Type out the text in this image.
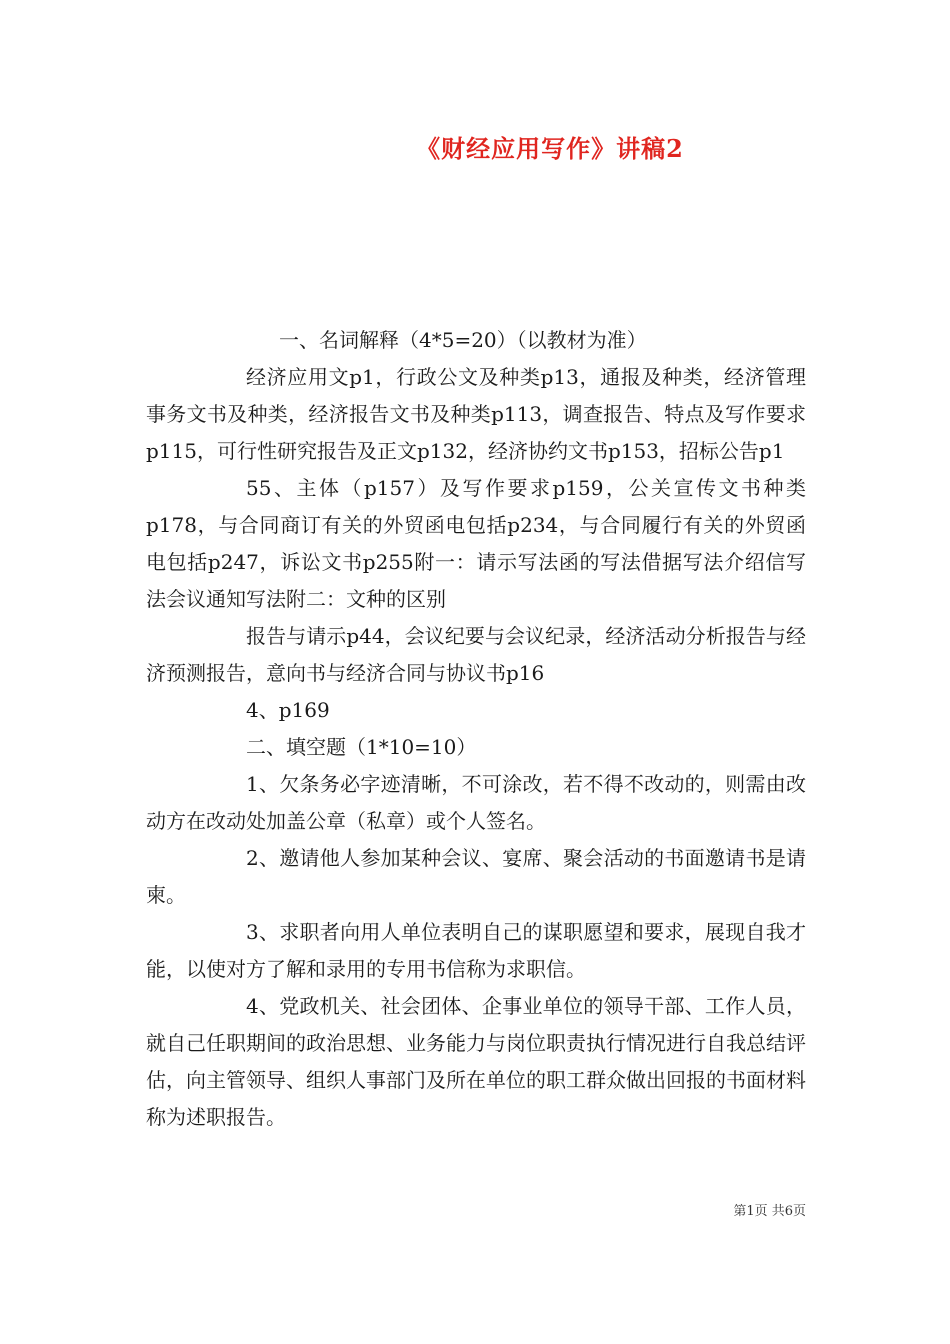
《财经应用写作》讲稿2

一、名词解释（4*5=20）（以教材为准）

经济应用文p1，行政公文及种类p13，通报及种类，经济管理事务文书及种类，经济报告文书及种类p113，调查报告、特点及写作要求p115，可行性研究报告及正文p132，经济协约文书p153，招标公告p1

55、主体（p157）及写作要求p159，公关宣传文书种类p178，与合同商订有关的外贸函电包括p234，与合同履行有关的外贸函电包括p247，诉讼文书p255附一：请示写法函的写法借据写法介绍信写法会议通知写法附二：文种的区别

报告与请示p44，会议纪要与会议纪录，经济活动分析报告与经济预测报告，意向书与经济合同与协议书p16

4、p169

二、填空题（1*10=10）

1、欠条务必字迹清晰，不可涂改，若不得不改动的，则需由改动方在改动处加盖公章（私章）或个人签名。

2、邀请他人参加某种会议、宴席、聚会活动的书面邀请书是请柬。

3、求职者向用人单位表明自己的谋职愿望和要求，展现自我才能，以使对方了解和录用的专用书信称为求职信。

4、党政机关、社会团体、企事业单位的领导干部、工作人员，就自己任职期间的政治思想、业务能力与岗位职责执行情况进行自我总结评估，向主管领导、组织人事部门及所在单位的职工群众做出回报的书面材料称为述职报告。

第1页 共6页
